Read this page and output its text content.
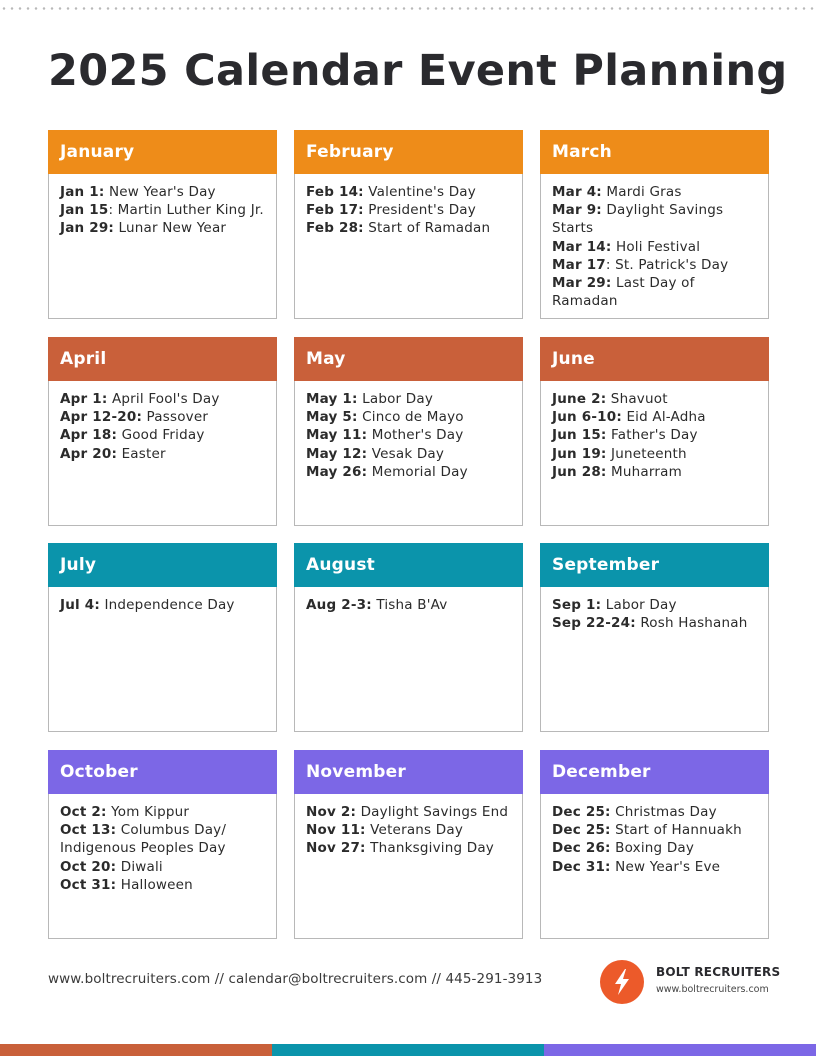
2025 Calendar Event Planning
January
Jan 1: New Year's Day
Jan 15: Martin Luther King Jr.
Jan 29: Lunar New Year
February
Feb 14: Valentine's Day
Feb 17: President's Day
Feb 28: Start of Ramadan
March
Mar 4: Mardi Gras
Mar 9: Daylight Savings Starts
Mar 14: Holi Festival
Mar 17: St. Patrick's Day
Mar 29: Last Day of Ramadan
April
Apr 1: April Fool's Day
Apr 12-20: Passover
Apr 18: Good Friday
Apr 20: Easter
May
May 1: Labor Day
May 5: Cinco de Mayo
May 11: Mother's Day
May 12: Vesak Day
May 26: Memorial Day
June
June 2: Shavuot
Jun 6-10: Eid Al-Adha
Jun 15: Father's Day
Jun 19: Juneteenth
Jun 28: Muharram
July
Jul 4: Independence Day
August
Aug 2-3: Tisha B'Av
September
Sep 1: Labor Day
Sep 22-24: Rosh Hashanah
October
Oct 2: Yom Kippur
Oct 13: Columbus Day/
Indigenous Peoples Day
Oct 20: Diwali
Oct 31: Halloween
November
Nov 2: Daylight Savings End
Nov 11: Veterans Day
Nov 27: Thanksgiving Day
December
Dec 25: Christmas Day
Dec 25: Start of Hannuakh
Dec 26: Boxing Day
Dec 31: New Year's Eve
www.boltrecruiters.com // calendar@boltrecruiters.com // 445-291-3913	BOLT RECRUITERS
www.boltrecruiters.com
